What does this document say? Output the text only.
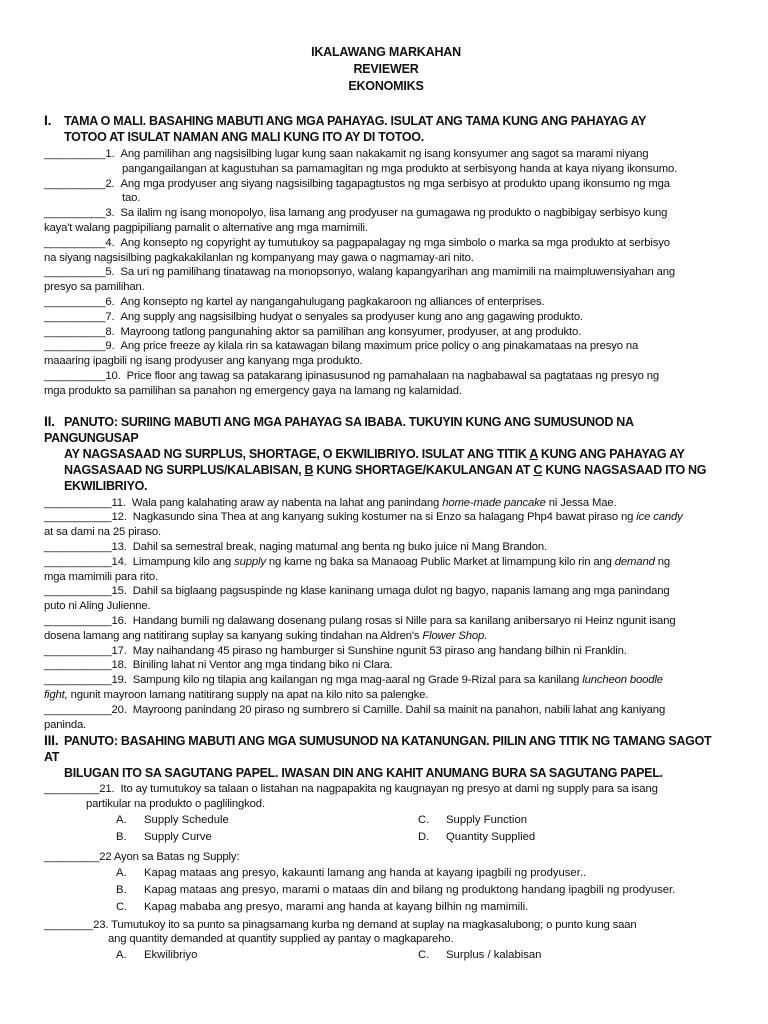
IKALAWANG MARKAHAN
REVIEWER
EKONOMIKS
I. TAMA O MALI. BASAHING MABUTI ANG MGA PAHAYAG. ISULAT ANG TAMA KUNG ANG PAHAYAG AY
TOTOO AT ISULAT NAMAN ANG MALI KUNG ITO AY DI TOTOO.
__________1. Ang pamilihan ang nagsisilbing lugar kung saan nakakamit ng isang konsyumer ang sagot sa marami niyang
pangangailangan at kagustuhan sa pamamagitan ng mga produkto at serbisyong handa at kaya niyang ikonsumo.
__________2. Ang mga prodyuser ang siyang nagsisilbing tagapagtustos ng mga serbisyo at produkto upang ikonsumo ng mga
tao.
__________3. Sa ilalim ng isang monopolyo, iisa lamang ang prodyuser na gumagawa ng produkto o nagbibigay serbisyo kung
kaya't walang pagpipiliang pamalit o alternative ang mga mamimili.
__________4. Ang konsepto ng copyright ay tumutukoy sa pagpapalagay ng mga simbolo o marka sa mga produkto at serbisyo
na siyang nagsisilbing pagkakakilanlan ng kompanyang may gawa o nagmamay-ari nito.
__________5. Sa uri ng pamilihang tinatawag na monopsonyo, walang kapangyarihan ang mamimili na maimpluwensiyahan ang
presyo sa pamilihan.
__________6. Ang konsepto ng kartel ay nangangahulugang pagkakaroon ng alliances of enterprises.
__________7. Ang supply ang nagsisilbing hudyat o senyales sa prodyuser kung ano ang gagawing produkto.
__________8. Mayroong tatlong pangunahing aktor sa pamilihan ang konsyumer, prodyuser, at ang produkto.
__________9. Ang price freeze ay kilala rin sa katawagan bilang maximum price policy o ang pinakamataas na presyo na
maaaring ipagbili ng isang prodyuser ang kanyang mga produkto.
__________10. Price floor ang tawag sa patakarang ipinasusunod ng pamahalaan na nagbabawal sa pagtataas ng presyo ng
mga produkto sa pamilihan sa panahon ng emergency gaya na lamang ng kalamidad.
II. PANUTO: SURIING MABUTI ANG MGA PAHAYAG SA IBABA. TUKUYIN KUNG ANG SUMUSUNOD NA PANGUNGUSAP
AY NAGSASAAD NG SURPLUS, SHORTAGE, O EKWILIBRIYO. ISULAT ANG TITIK A KUNG ANG PAHAYAG AY
NAGSASAAD NG SURPLUS/KALABISAN, B KUNG SHORTAGE/KAKULANGAN AT C KUNG NAGSASAAD ITO NG
EKWILIBRIYO.
___________11. Wala pang kalahating araw ay nabenta na lahat ang panindang home-made pancake ni Jessa Mae.
___________12. Nagkasundo sina Thea at ang kanyang suking kostumer na si Enzo sa halagang Php4 bawat piraso ng ice candy
at sa dami na 25 piraso.
___________13. Dahil sa semestral break, naging matumal ang benta ng buko juice ni Mang Brandon.
___________14. Limampung kilo ang supply ng karne ng baka sa Manaoag Public Market at limampung kilo rin ang demand ng
mga mamimili para rito.
___________15. Dahil sa biglaang pagsuspinde ng klase kaninang umaga dulot ng bagyo, napanis lamang ang mga panindang
puto ni Aling Julienne.
___________16. Handang bumili ng dalawang dosenang pulang rosas si Nille para sa kanilang anibersaryo ni Heinz ngunit isang
dosena lamang ang natitirang suplay sa kanyang suking tindahan na Aldren's Flower Shop.
___________17. May naihandang 45 piraso ng hamburger si Sunshine ngunit 53 piraso ang handang bilhin ni Franklin.
___________18. Biniling lahat ni Ventor ang mga tindang biko ni Clara.
___________19. Sampung kilo ng tilapia ang kailangan ng mga mag-aaral ng Grade 9-Rizal para sa kanilang luncheon boodle
fight, ngunit mayroon lamang natitirang supply na apat na kilo nito sa palengke.
___________20. Mayroong panindang 20 piraso ng sumbrero si Camille. Dahil sa mainit na panahon, nabili lahat ang kaniyang
paninda.
III. PANUTO: BASAHING MABUTI ANG MGA SUMUSUNOD NA KATANUNGAN. PIILIN ANG TITIK NG TAMANG SAGOT AT
BILUGAN ITO SA SAGUTANG PAPEL. IWASAN DIN ANG KAHIT ANUMANG BURA SA SAGUTANG PAPEL.
_________21. Ito ay tumutukoy sa talaan o listahan na nagpapakita ng kaugnayan ng presyo at dami ng supply para sa isang
partikular na produkto o paglilingkod.
A. Supply Schedule	C. Supply Function
B. Supply Curve	D. Quantity Supplied
_________22 Ayon sa Batas ng Supply:
A. Kapag mataas ang presyo, kakaunti lamang ang handa at kayang ipagbili ng prodyuser..
B. Kapag mataas ang presyo, marami o mataas din and bilang ng produktong handang ipagbili ng prodyuser.
C. Kapag mababa ang presyo, marami ang handa at kayang bilhin ng mamimili.
________23. Tumutukoy ito sa punto sa pinagsamang kurba ng demand at suplay na magkasalubong; o punto kung saan
ang quantity demanded at quantity supplied ay pantay o magkapareho.
A. Ekwilibriyo	C. Surplus / kalabisan
